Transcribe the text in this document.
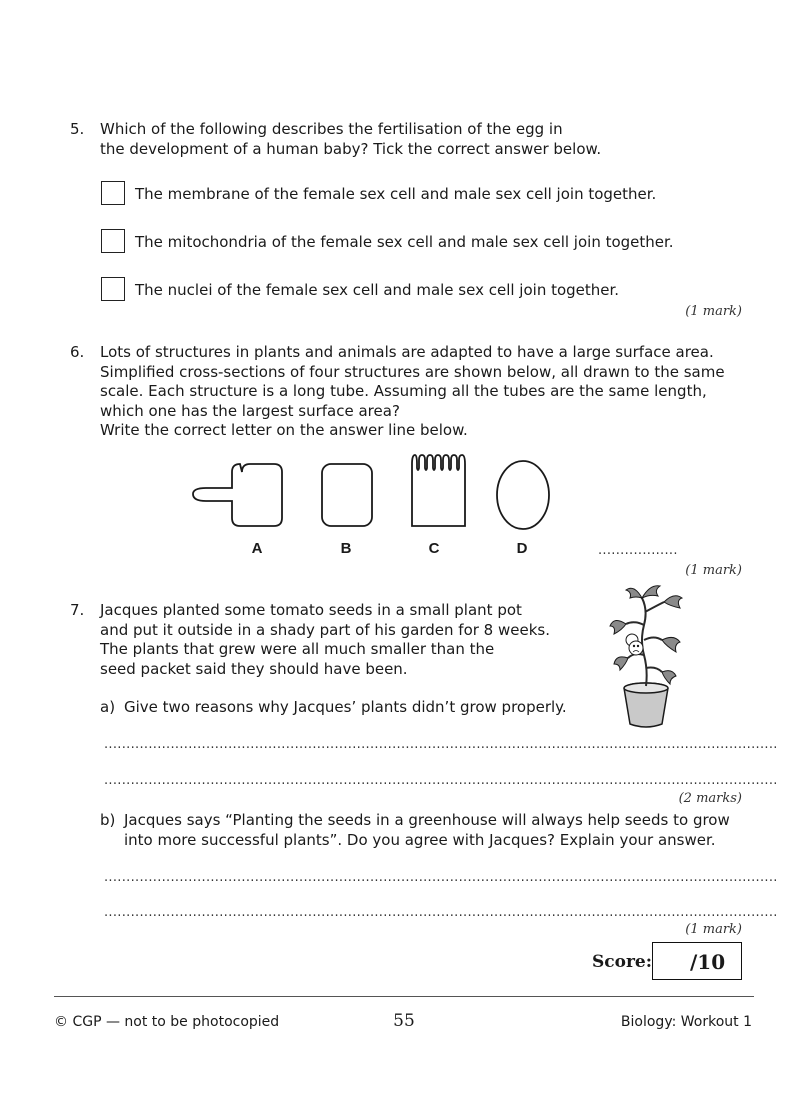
5. Which of the following describes the fertilisation of the egg in
the development of a human baby? Tick the correct answer below.
The membrane of the female sex cell and male sex cell join together.
The mitochondria of the female sex cell and male sex cell join together.
The nuclei of the female sex cell and male sex cell join together.
(1 mark)
6. Lots of structures in plants and animals are adapted to have a large surface area.
Simplified cross-sections of four structures are shown below, all drawn to the same
scale. Each structure is a long tube. Assuming all the tubes are the same length,
which one has the largest surface area?
Write the correct letter on the answer line below.
A	B	C	D	..................
(1 mark)
7. Jacques planted some tomato seeds in a small plant pot
and put it outside in a shady part of his garden for 8 weeks.
The plants that grew were all much smaller than the
seed packet said they should have been.
a) Give two reasons why Jacques’ plants didn’t grow properly.
........................................................................................................................................................
........................................................................................................................................................
(2 marks)
b) Jacques says “Planting the seeds in a greenhouse will always help seeds to grow
into more successful plants”. Do you agree with Jacques? Explain your answer.
........................................................................................................................................................
........................................................................................................................................................
(1 mark)
Score: /10
© CGP — not to be photocopied	55	Biology: Workout 1
